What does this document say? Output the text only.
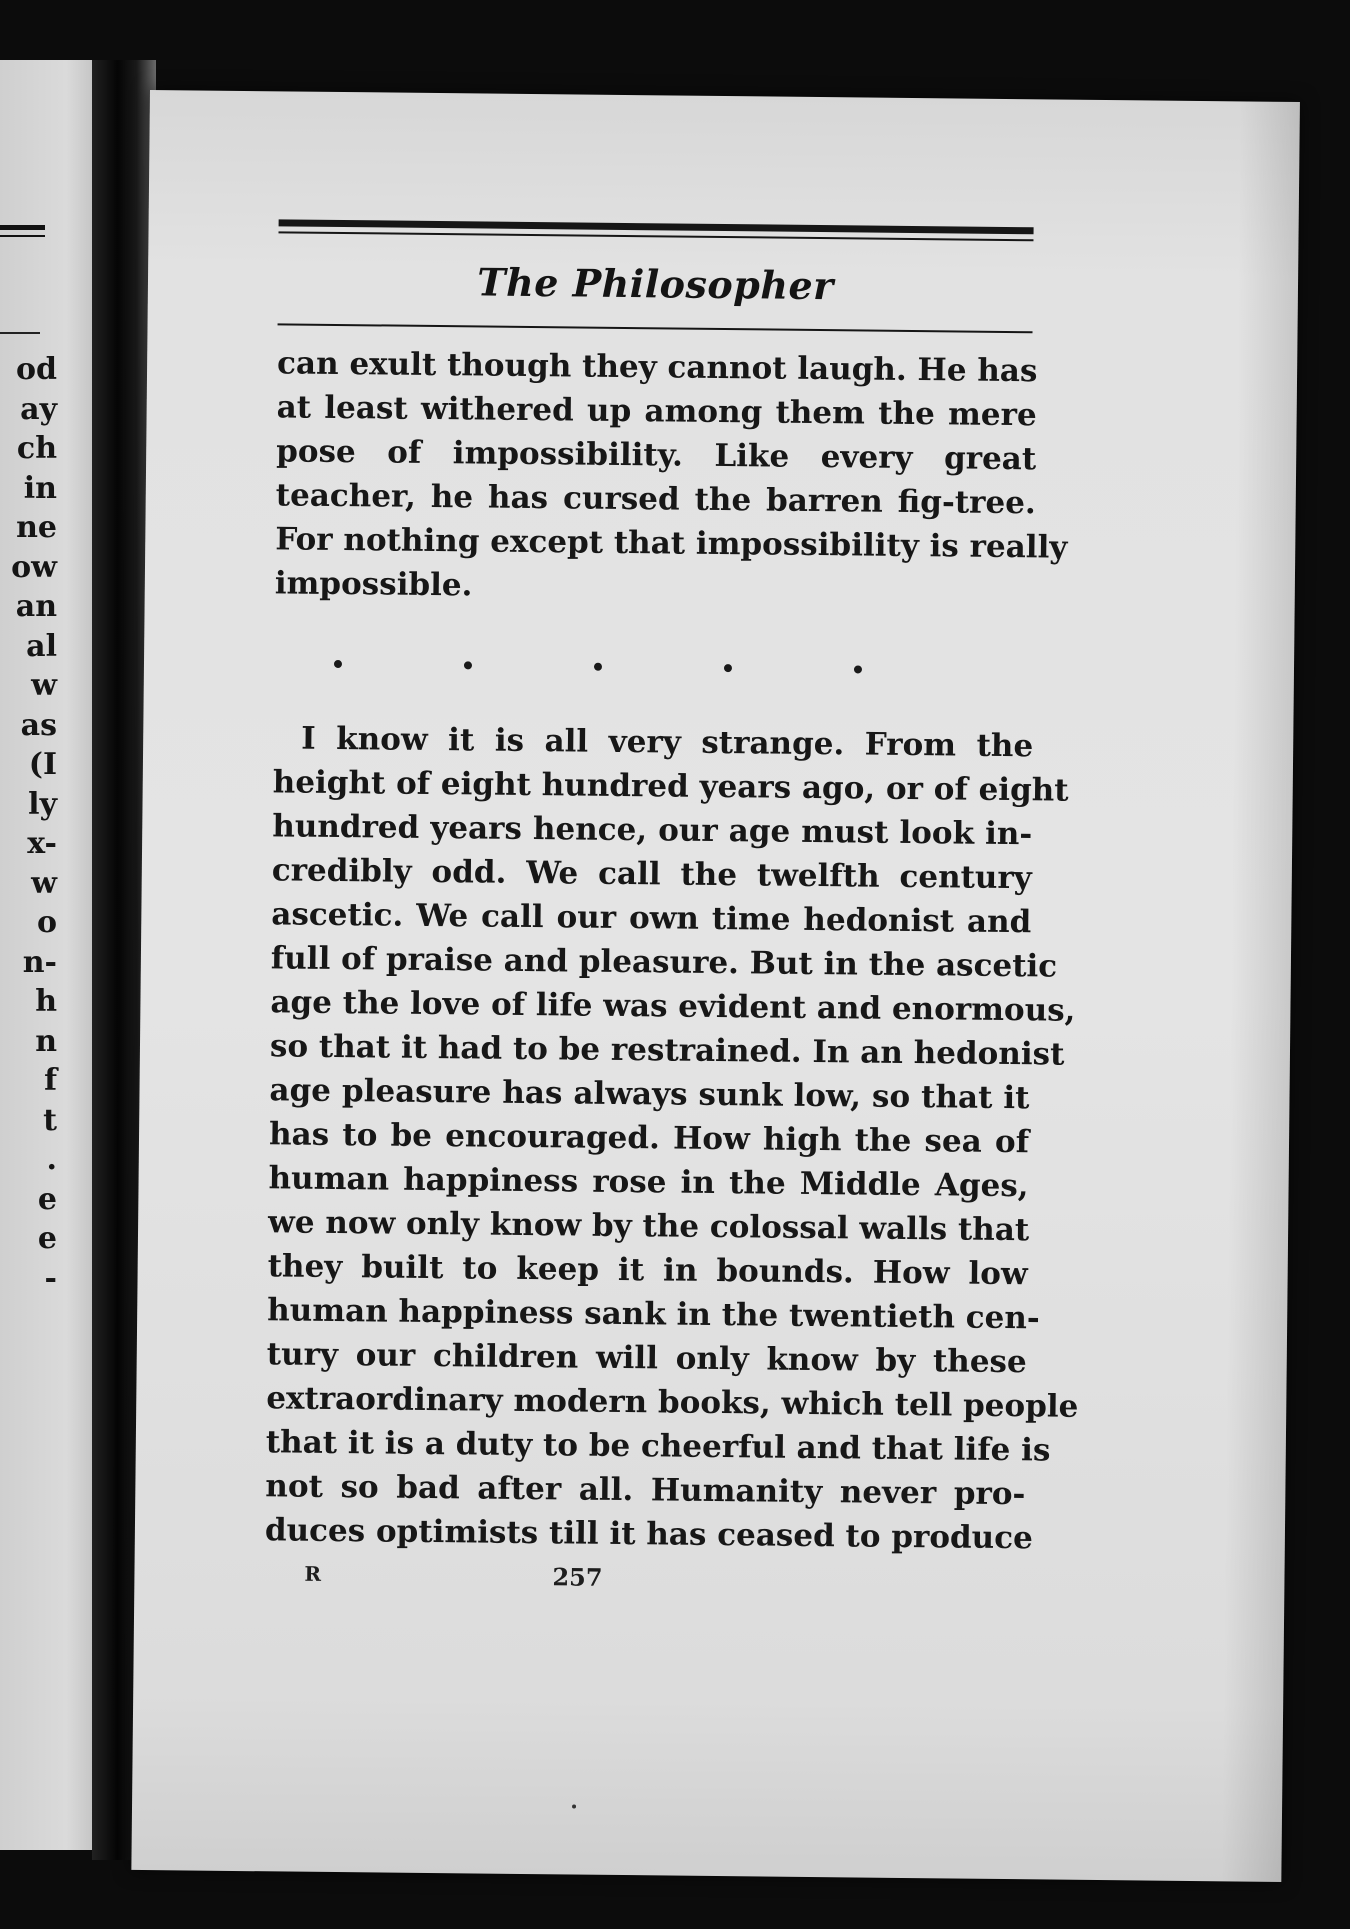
od
ay
ch
in
ne
ow
an
al
w
as
(I
ly
x-
w
o
n-
h
n
f
t
.
e
e
-

The Philosopher
can exult though they cannot laugh. He has
at least withered up among them the mere
pose of impossibility. Like every great
teacher, he has cursed the barren fig-tree.
For nothing except that impossibility is really
impossible.
I know it is all very strange. From the
height of eight hundred years ago, or of eight
hundred years hence, our age must look in-
credibly odd. We call the twelfth century
ascetic. We call our own time hedonist and
full of praise and pleasure. But in the ascetic
age the love of life was evident and enormous,
so that it had to be restrained. In an hedonist
age pleasure has always sunk low, so that it
has to be encouraged. How high the sea of
human happiness rose in the Middle Ages,
we now only know by the colossal walls that
they built to keep it in bounds. How low
human happiness sank in the twentieth cen-
tury our children will only know by these
extraordinary modern books, which tell people
that it is a duty to be cheerful and that life is
not so bad after all. Humanity never pro-
duces optimists till it has ceased to produce
R	257
